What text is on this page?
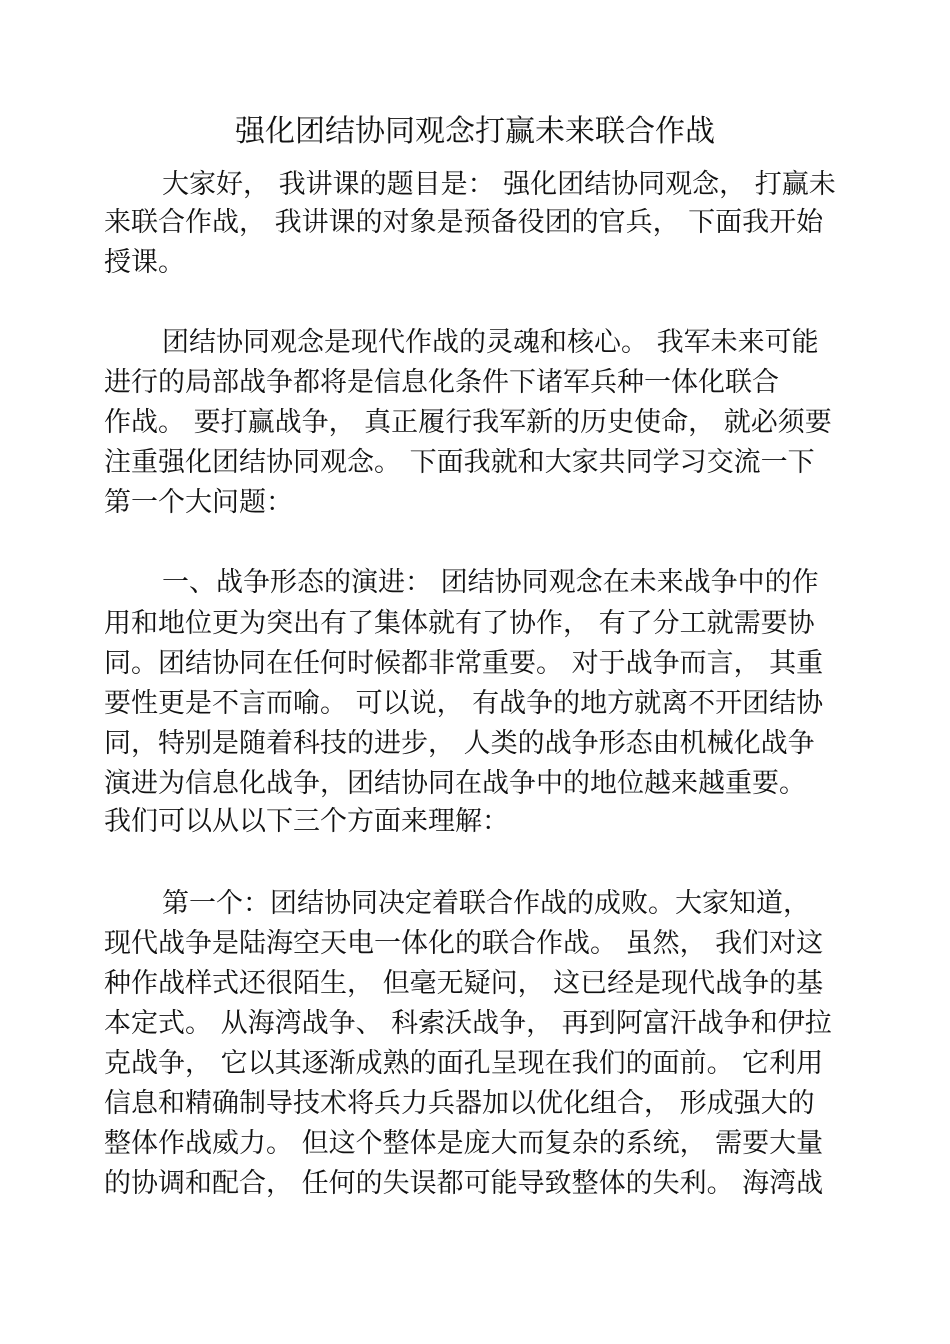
强化团结协同观念打赢未来联合作战
大家好， 我讲课的题目是： 强化团结协同观念， 打赢未
来联合作战， 我讲课的对象是预备役团的官兵， 下面我开始
授课。
团结协同观念是现代作战的灵魂和核心。 我军未来可能
进行的局部战争都将是信息化条件下诸军兵种一体化联合
作战。 要打赢战争， 真正履行我军新的历史使命， 就必须要
注重强化团结协同观念。 下面我就和大家共同学习交流一下
第一个大问题：
一、战争形态的演进： 团结协同观念在未来战争中的作
用和地位更为突出有了集体就有了协作， 有了分工就需要协
同。团结协同在任何时候都非常重要。 对于战争而言， 其重
要性更是不言而喻。 可以说， 有战争的地方就离不开团结协
同，特别是随着科技的进步， 人类的战争形态由机械化战争
演进为信息化战争，团结协同在战争中的地位越来越重要。
我们可以从以下三个方面来理解：
第一个：团结协同决定着联合作战的成败。大家知道，
现代战争是陆海空天电一体化的联合作战。 虽然， 我们对这
种作战样式还很陌生， 但毫无疑问， 这已经是现代战争的基
本定式。 从海湾战争、 科索沃战争， 再到阿富汗战争和伊拉
克战争， 它以其逐渐成熟的面孔呈现在我们的面前。 它利用
信息和精确制导技术将兵力兵器加以优化组合， 形成强大的
整体作战威力。 但这个整体是庞大而复杂的系统， 需要大量
的协调和配合， 任何的失误都可能导致整体的失利。 海湾战
